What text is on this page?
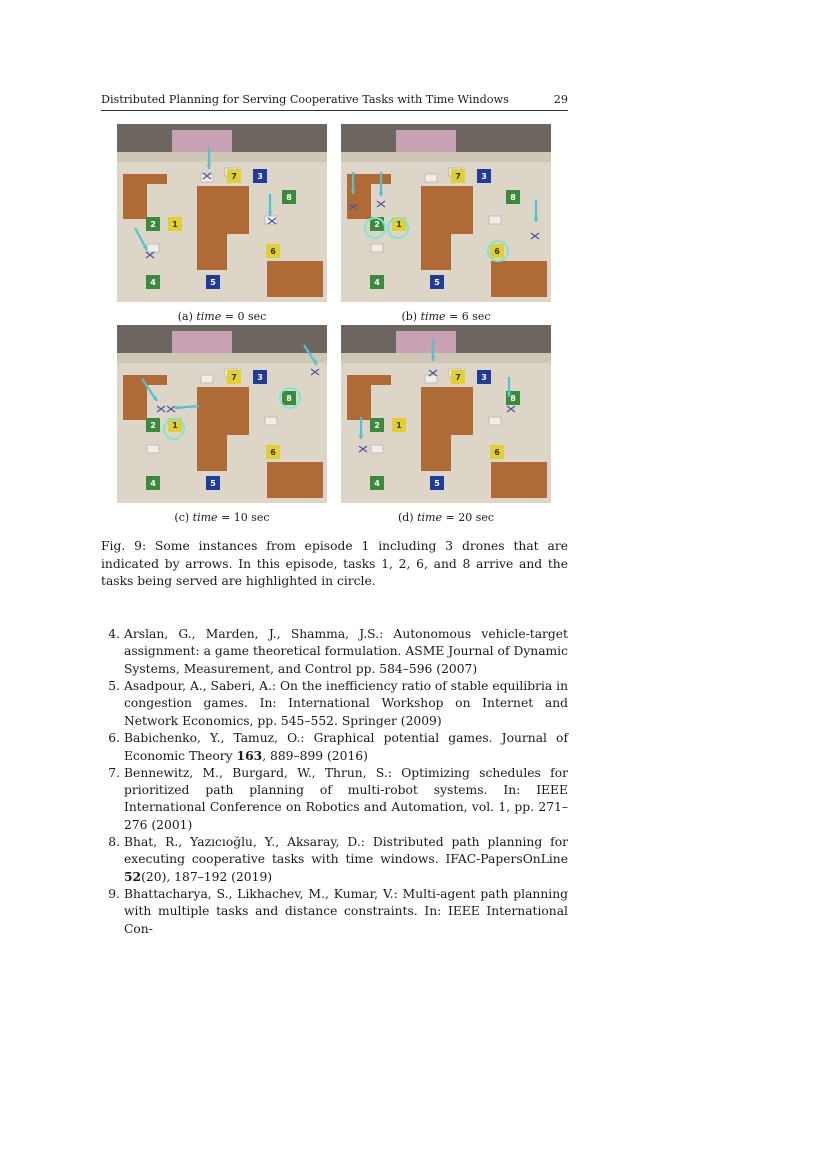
Distributed Planning for Serving Cooperative Tasks with Time Windows	29
1
2
3
4	5
6
7
8
1
2
3
4	5
6
7
8
1
2
3
4	5
6
7
8
1
2
3
4	5
6
7
8
(a) time = 0 sec	(b) time = 6 sec
(c) time = 10 sec	(d) time = 20 sec
Fig. 9: Some instances from episode 1 including 3 drones that are indicated by arrows. In this episode, tasks 1, 2, 6, and 8 arrive and the tasks being served are highlighted in circle.
4. Arslan, G., Marden, J., Shamma, J.S.: Autonomous vehicle-target assignment: a game theoretical formulation. ASME Journal of Dynamic Systems, Measurement, and Control pp. 584–596 (2007)
5. Asadpour, A., Saberi, A.: On the inefficiency ratio of stable equilibria in congestion games. In: International Workshop on Internet and Network Economics, pp. 545–552. Springer (2009)
6. Babichenko, Y., Tamuz, O.: Graphical potential games. Journal of Economic Theory 163, 889–899 (2016)
7. Bennewitz, M., Burgard, W., Thrun, S.: Optimizing schedules for prioritized path planning of multi-robot systems. In: IEEE International Conference on Robotics and Automation, vol. 1, pp. 271–276 (2001)
8. Bhat, R., Yazıcıoğlu, Y., Aksaray, D.: Distributed path planning for executing cooperative tasks with time windows. IFAC-PapersOnLine 52(20), 187–192 (2019)
9. Bhattacharya, S., Likhachev, M., Kumar, V.: Multi-agent path planning with multiple tasks and distance constraints. In: IEEE International Con-
